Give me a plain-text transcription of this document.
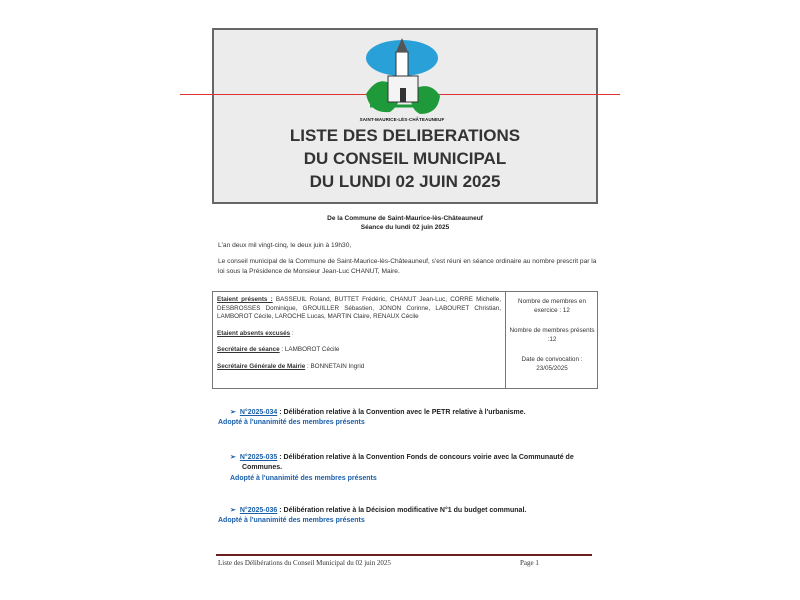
SAINT-MAURICE-LÈS-CHÂTEAUNEUF
LISTE DES DELIBERATIONS
DU CONSEIL MUNICIPAL
DU LUNDI 02 JUIN 2025
De la Commune de Saint-Maurice-lès-Châteauneuf
Séance du lundi 02 juin 2025
L'an deux mil vingt-cinq, le deux juin à 19h30,
Le conseil municipal de la Commune de Saint-Maurice-lès-Châteauneuf, s'est réuni en séance ordinaire au nombre prescrit par la loi sous la Présidence de Monsieur Jean-Luc CHANUT, Maire.
Etaient présents : BASSEUIL Roland, BUTTET Frédéric, CHANUT Jean-Luc, CORRE Michelle, DESBROSSES Dominique, GROUILLER Sébastien, JONON Corinne, LABOURET Christian, LAMBOROT Cécile, LAROCHE Lucas, MARTIN Claire, RENAUX Cécile
Etaient absents excusés :
Secrétaire de séance : LAMBOROT Cécile
Secrétaire Générale de Mairie : BONNETAIN Ingrid
Nombre de membres en exercice : 12
Nombre de membres présents :12
Date de convocation : 23/05/2025
➢ N°2025-034 : Délibération relative à la Convention avec le PETR relative à l'urbanisme.
Adopté à l'unanimité des membres présents
➢ N°2025-035 : Délibération relative à la Convention Fonds de concours voirie avec la Communauté de Communes.
Adopté à l'unanimité des membres présents
➢ N°2025-036 : Délibération relative à la Décision modificative N°1 du budget communal.
Adopté à l'unanimité des membres présents
Liste des Délibérations du Conseil Municipal du 02 juin 2025	Page 1
